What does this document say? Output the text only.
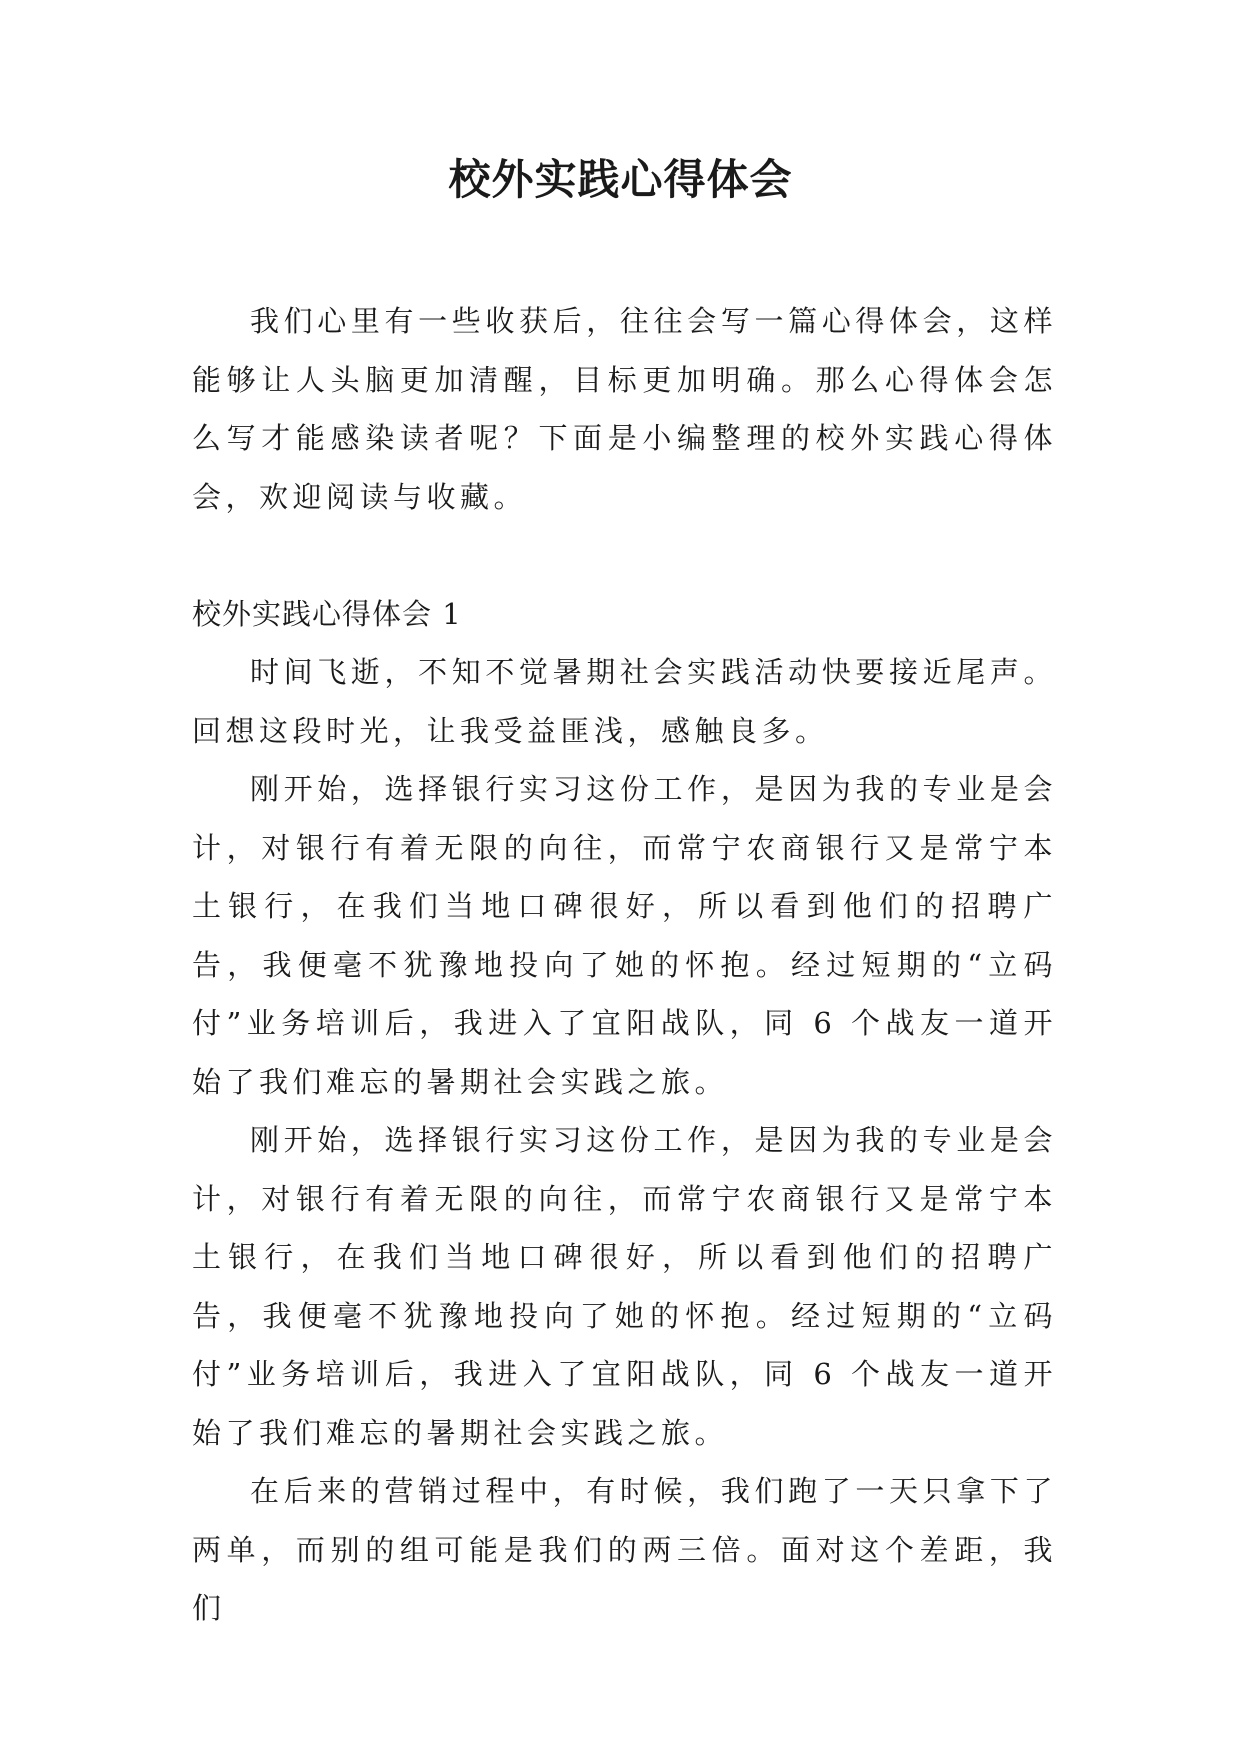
校外实践心得体会

我们心里有一些收获后，往往会写一篇心得体会，这样能够让人头脑更加清醒，目标更加明确。那么心得体会怎么写才能感染读者呢？下面是小编整理的校外实践心得体会，欢迎阅读与收藏。

校外实践心得体会 1

时间飞逝，不知不觉暑期社会实践活动快要接近尾声。回想这段时光，让我受益匪浅，感触良多。

刚开始，选择银行实习这份工作，是因为我的专业是会计，对银行有着无限的向往，而常宁农商银行又是常宁本土银行，在我们当地口碑很好，所以看到他们的招聘广告，我便毫不犹豫地投向了她的怀抱。经过短期的“立码付”业务培训后，我进入了宜阳战队，同 6 个战友一道开始了我们难忘的暑期社会实践之旅。

刚开始，选择银行实习这份工作，是因为我的专业是会计，对银行有着无限的向往，而常宁农商银行又是常宁本土银行，在我们当地口碑很好，所以看到他们的招聘广告，我便毫不犹豫地投向了她的怀抱。经过短期的“立码付”业务培训后，我进入了宜阳战队，同 6 个战友一道开始了我们难忘的暑期社会实践之旅。

在后来的营销过程中，有时候，我们跑了一天只拿下了两单，而别的组可能是我们的两三倍。面对这个差距，我们
